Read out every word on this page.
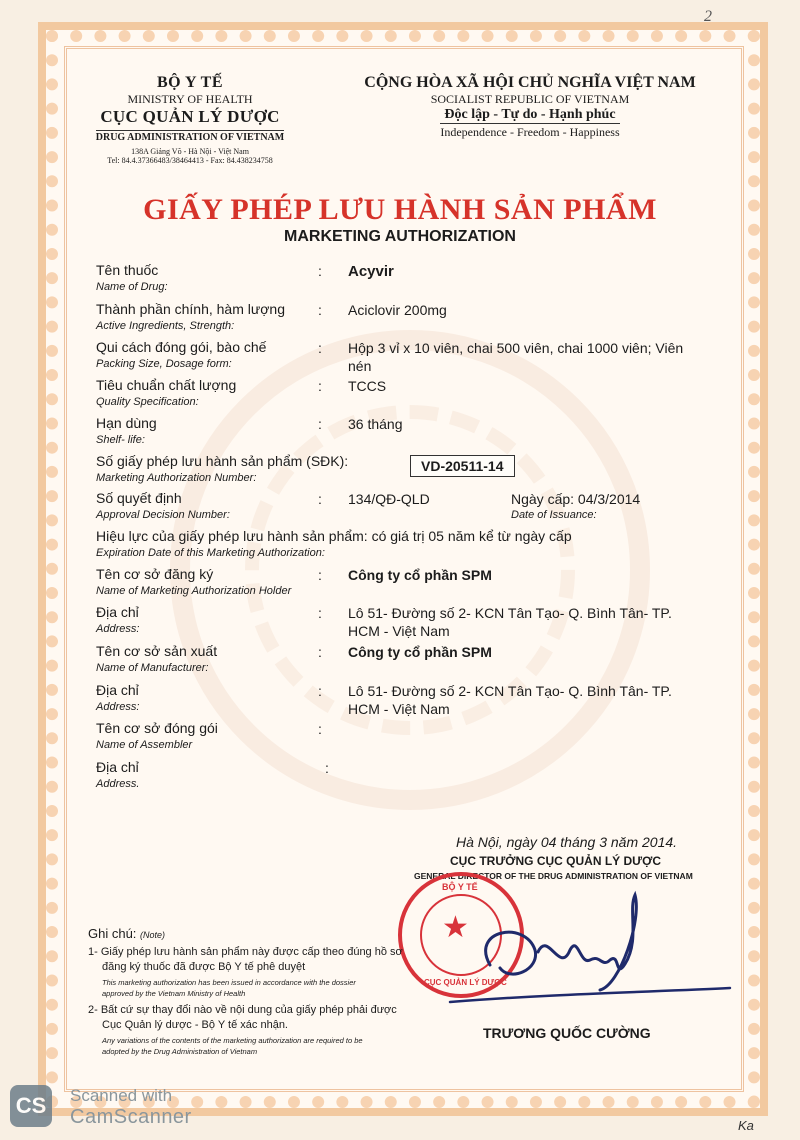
2
BỘ Y TẾ
MINISTRY OF HEALTH
CỤC QUẢN LÝ DƯỢC
DRUG ADMINISTRATION OF VIETNAM
138A Giảng Võ - Hà Nội - Việt Nam
Tel: 84.4.37366483/38464413 - Fax: 84.438234758
CỘNG HÒA XÃ HỘI CHỦ NGHĨA VIỆT NAM
SOCIALIST REPUBLIC OF VIETNAM
Độc lập - Tự do - Hạnh phúc
Independence - Freedom - Happiness
GIẤY PHÉP LƯU HÀNH SẢN PHẨM
MARKETING AUTHORIZATION
Tên thuốc
Name of Drug:
: Acyvir
Thành phần chính, hàm lượng
Active Ingredients, Strength:
: Aciclovir 200mg
Qui cách đóng gói, bào chế
Packing Size, Dosage form:
: Hộp 3 vỉ x 10 viên, chai 500 viên, chai 1000 viên; Viên
nén
Tiêu chuẩn chất lượng
Quality Specification:
: TCCS
Hạn dùng
Shelf- life:
: 36 tháng
Số giấy phép lưu hành sản phẩm (SĐK):
Marketing Authorization Number:
VD-20511-14
Số quyết định
Approval Decision Number:
: 134/QĐ-QLD	Ngày cấp: 04/3/2014
Date of Issuance:
Hiệu lực của giấy phép lưu hành sản phẩm: có giá trị 05 năm kể từ ngày cấp
Expiration Date of this Marketing Authorization:
Tên cơ sở đăng ký
Name of Marketing Authorization Holder
: Công ty cổ phần SPM
Địa chỉ
Address:
: Lô 51- Đường số 2- KCN Tân Tạo- Q. Bình Tân- TP.
HCM - Việt Nam
Tên cơ sở sản xuất
Name of Manufacturer:
: Công ty cổ phần SPM
Địa chỉ
Address:
: Lô 51- Đường số 2- KCN Tân Tạo- Q. Bình Tân- TP.
HCM - Việt Nam
Tên cơ sở đóng gói
Name of Assembler
:
Địa chỉ
Address.
:
Hà Nội, ngày 04 tháng 3 năm 2014.
CỤC TRƯỞNG CỤC QUẢN LÝ DƯỢC
GENERAL DIRECTOR OF THE DRUG ADMINISTRATION OF VIETNAM
★
BỘ Y TẾ
CỤC QUẢN LÝ DƯỢC
TRƯƠNG QUỐC CƯỜNG
Ghi chú: (Note)
1- Giấy phép lưu hành sản phẩm này được cấp theo đúng hồ sơ
đăng ký thuốc đã được Bộ Y tế phê duyệt
This marketing authorization has been issued in accordance with the dossier
approved by the Vietnam Ministry of Health
2- Bất cứ sự thay đổi nào về nội dung của giấy phép phải được
Cục Quản lý dược - Bộ Y tế xác nhận.
Any variations of the contents of the marketing authorization are required to be
adopted by the Drug Administration of Vietnam
CS	Scanned with
CamScanner	Ka
